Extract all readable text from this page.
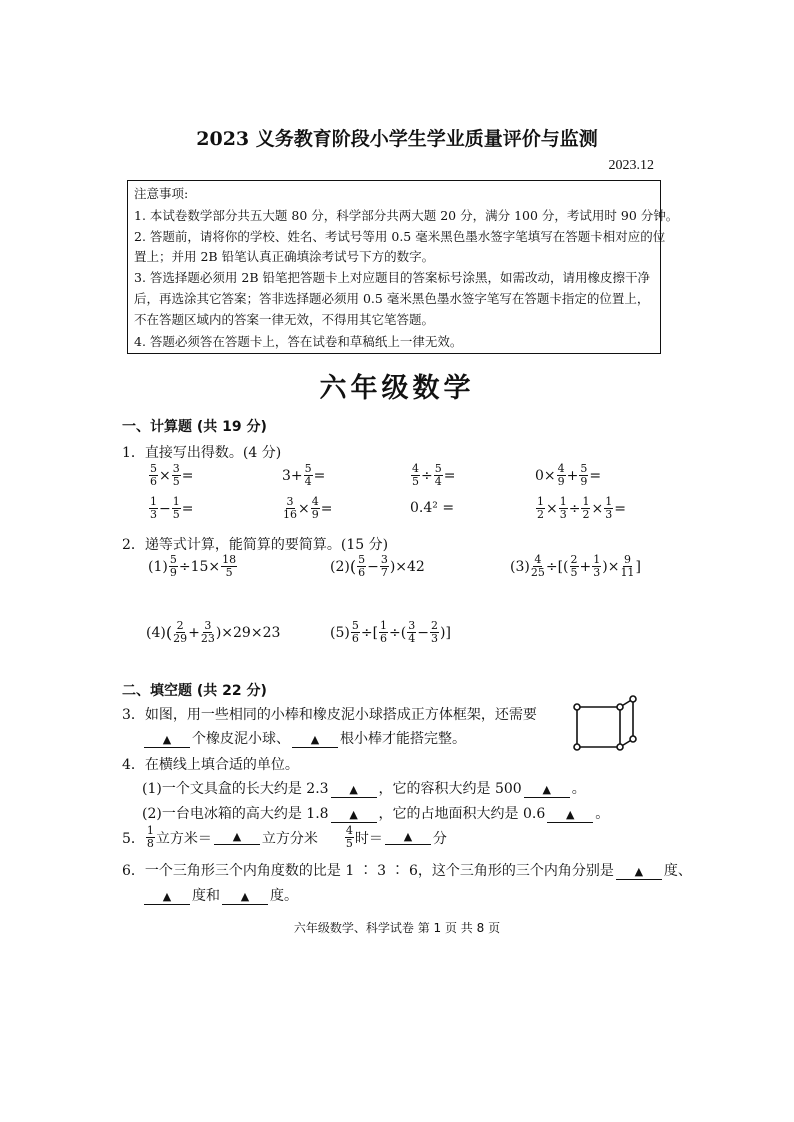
2023 义务教育阶段小学生学业质量评价与监测
2023.12
注意事项:
1. 本试卷数学部分共五大题 80 分，科学部分共两大题 20 分，满分 100 分，考试用时 90 分钟。
2. 答题前，请将你的学校、姓名、考试号等用 0.5 毫米黑色墨水签字笔填写在答题卡相对应的位
置上；并用 2B 铅笔认真正确填涂考试号下方的数字。
3. 答选择题必须用 2B 铅笔把答题卡上对应题目的答案标号涂黑，如需改动，请用橡皮擦干净
后，再选涂其它答案；答非选择题必须用 0.5 毫米黑色墨水签字笔写在答题卡指定的位置上，
不在答题区域内的答案一律无效，不得用其它笔答题。
4. 答题必须答在答题卡上，答在试卷和草稿纸上一律无效。
六年级数学
一、计算题 (共 19 分)
1．直接写出得数。(4 分)
$\frac{5}{6} \times \frac{3}{5}$ =	$3+ \frac{5}{4}$ =	$\frac{4}{5} \div \frac{5}{4}$ =	$0\times \frac{4}{9} + \frac{5}{9}$ =
$\frac{1}{3} - \frac{1}{5}$ =	$\frac{3}{16} \times \frac{4}{9}$ =	0.4² =	$\frac{1}{2} \times \frac{1}{3} \div \frac{1}{2} \times \frac{1}{3}$ =
2．递等式计算，能简算的要简算。(15 分)
$(1) \frac{5}{9} \div 15\times \frac{18}{5}$	(2) ( $\frac{5}{6} - \frac{3}{7} )\times 42$	$(3) \frac{4}{25}$ ÷[( $\frac{2}{5} + \frac{1}{3}$ )× $\frac{9}{11}$ ]
(4) ( $\frac{2}{29} + \frac{3}{23} )\times 29\times 23$	$(5) \frac{5}{6}$ ÷[ $\frac{1}{6}$ ÷( $\frac{3}{4} - \frac{2}{3}$ )]
二、填空题 (共 22 分)
3．如图，用一些相同的小棒和橡皮泥小球搭成正方体框架，还需要
▲ 个橡皮泥小球、 ▲ 根小棒才能搭完整。
4．在横线上填合适的单位。
(1)一个文具盒的长大约是 2.3 ▲ ，它的容积大约是 500 ▲ 。
(2)一台电冰箱的高大约是 1.8 ▲ ，它的占地面积大约是 0.6 ▲ 。
5． $\frac{1}{8}$ 立方米＝	▲	立方分米 $\frac{4}{5}$ 时＝	▲	分
6．一个三角形三个内角度数的比是 1 ∶ 3 ∶ 6，这个三角形的三个内角分别是 ▲ 度、
▲ 度和 ▲ 度。
六年级数学、科学试卷 第 1 页 共 8 页
